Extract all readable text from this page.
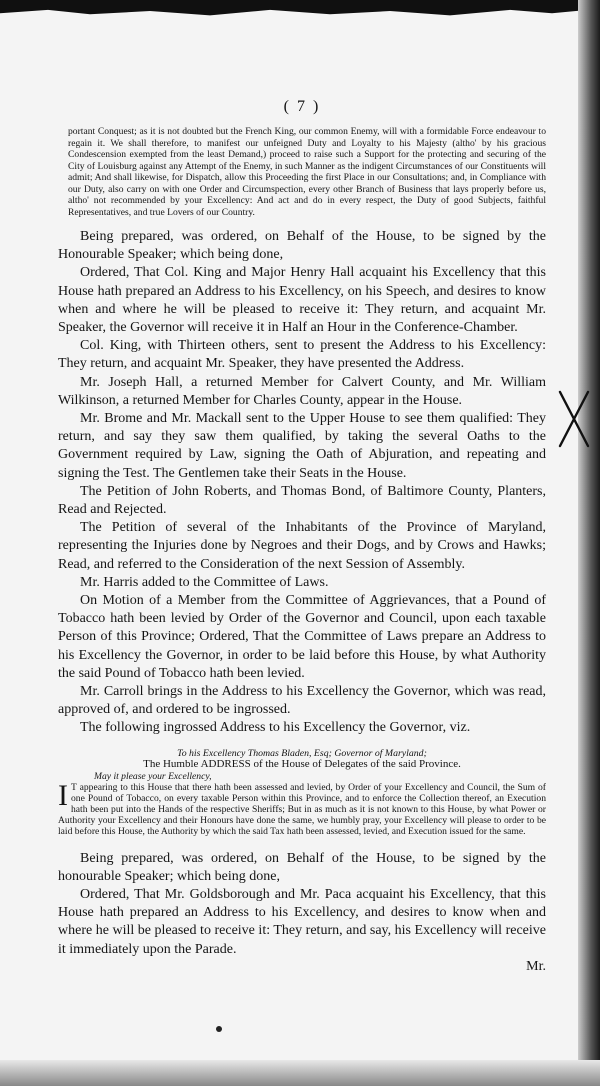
( 7 )

portant Conquest; as it is not doubted but the French King, our common Enemy, will with a formidable Force endeavour to regain it. We shall therefore, to manifest our unfeigned Duty and Loyalty to his Majesty (altho' by his gracious Condescension exempted from the least Demand,) proceed to raise such a Support for the protecting and securing of the City of Louisburg against any Attempt of the Enemy, in such Manner as the indigent Circumstances of our Constituents will admit; And shall likewise, for Dispatch, allow this Proceeding the first Place in our Consultations; and, in Compliance with our Duty, also carry on with one Order and Circumspection, every other Branch of Business that lays properly before us, altho' not recommended by your Excellency: And act and do in every respect, the Duty of good Subjects, faithful Representatives, and true Lovers of our Country.

Being prepared, was ordered, on Behalf of the House, to be signed by the Honourable Speaker; which being done,

Ordered, That Col. King and Major Henry Hall acquaint his Excellency that this House hath prepared an Address to his Excellency, on his Speech, and desires to know when and where he will be pleased to receive it: They return, and acquaint Mr. Speaker, the Governor will receive it in Half an Hour in the Conference-Chamber.

Col. King, with Thirteen others, sent to present the Address to his Excellency: They return, and acquaint Mr. Speaker, they have presented the Address.

Mr. Joseph Hall, a returned Member for Calvert County, and Mr. William Wilkinson, a returned Member for Charles County, appear in the House.

Mr. Brome and Mr. Mackall sent to the Upper House to see them qualified: They return, and say they saw them qualified, by taking the several Oaths to the Government required by Law, signing the Oath of Abjuration, and repeating and signing the Test. The Gentlemen take their Seats in the House.

The Petition of John Roberts, and Thomas Bond, of Baltimore County, Planters, Read and Rejected.

The Petition of several of the Inhabitants of the Province of Maryland, representing the Injuries done by Negroes and their Dogs, and by Crows and Hawks; Read, and referred to the Consideration of the next Session of Assembly.

Mr. Harris added to the Committee of Laws.

On Motion of a Member from the Committee of Aggrievances, that a Pound of Tobacco hath been levied by Order of the Governor and Council, upon each taxable Person of this Province; Ordered, That the Committee of Laws prepare an Address to his Excellency the Governor, in order to be laid before this House, by what Authority the said Pound of Tobacco hath been levied.

Mr. Carroll brings in the Address to his Excellency the Governor, which was read, approved of, and ordered to be ingrossed.

The following ingrossed Address to his Excellency the Governor, viz.

To his Excellency Thomas Bladen, Esq; Governor of Maryland;
The Humble ADDRESS of the House of Delegates of the said Province.
May it please your Excellency,
I T appearing to this House that there hath been assessed and levied, by Order of your Excellency and Council, the Sum of one Pound of Tobacco, on every taxable Person within this Province, and to enforce the Collection thereof, an Execution hath been put into the Hands of the respective Sheriffs; But in as much as it is not known to this House, by what Power or Authority your Excellency and their Honours have done the same, we humbly pray, your Excellency will please to order to be laid before this House, the Authority by which the said Tax hath been assessed, levied, and Execution issued for the same.

Being prepared, was ordered, on Behalf of the House, to be signed by the honourable Speaker; which being done,

Ordered, That Mr. Goldsborough and Mr. Paca acquaint his Excellency, that this House hath prepared an Address to his Excellency, and desires to know when and where he will be pleased to receive it: They return, and say, his Excellency will receive it immediately upon the Parade.

Mr.
